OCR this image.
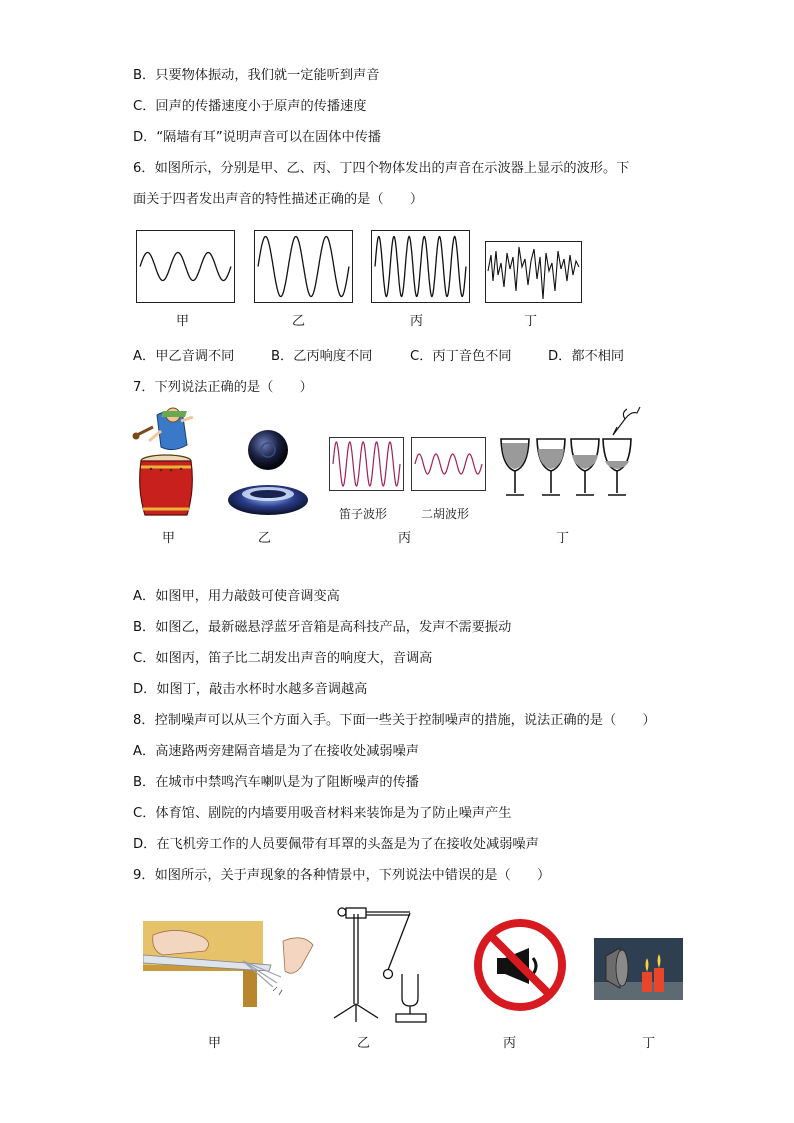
B．只要物体振动，我们就一定能听到声音
C．回声的传播速度小于原声的传播速度
D．“隔墙有耳”说明声音可以在固体中传播
6．如图所示，分别是甲、乙、丙、丁四个物体发出的声音在示波器上显示的波形。下
面关于四者发出声音的特性描述正确的是（　　）
甲	乙	丙	丁
A．甲乙音调不同	B．乙丙响度不同	C．丙丁音色不同	D．都不相同
7．下列说法正确的是（　　）
笛子波形	二胡波形
甲	乙	丙	丁
A．如图甲，用力敲鼓可使音调变高
B．如图乙，最新磁悬浮蓝牙音箱是高科技产品，发声不需要振动
C．如图丙，笛子比二胡发出声音的响度大，音调高
D．如图丁，敲击水杯时水越多音调越高
8．控制噪声可以从三个方面入手。下面一些关于控制噪声的措施，说法正确的是（　　）
A．高速路两旁建隔音墙是为了在接收处减弱噪声
B．在城市中禁鸣汽车喇叭是为了阻断噪声的传播
C．体育馆、剧院的内墙要用吸音材料来装饰是为了防止噪声产生
D．在飞机旁工作的人员要佩带有耳罩的头盔是为了在接收处减弱噪声
9．如图所示，关于声现象的各种情景中，下列说法中错误的是（　　）
甲	乙	丙	丁
